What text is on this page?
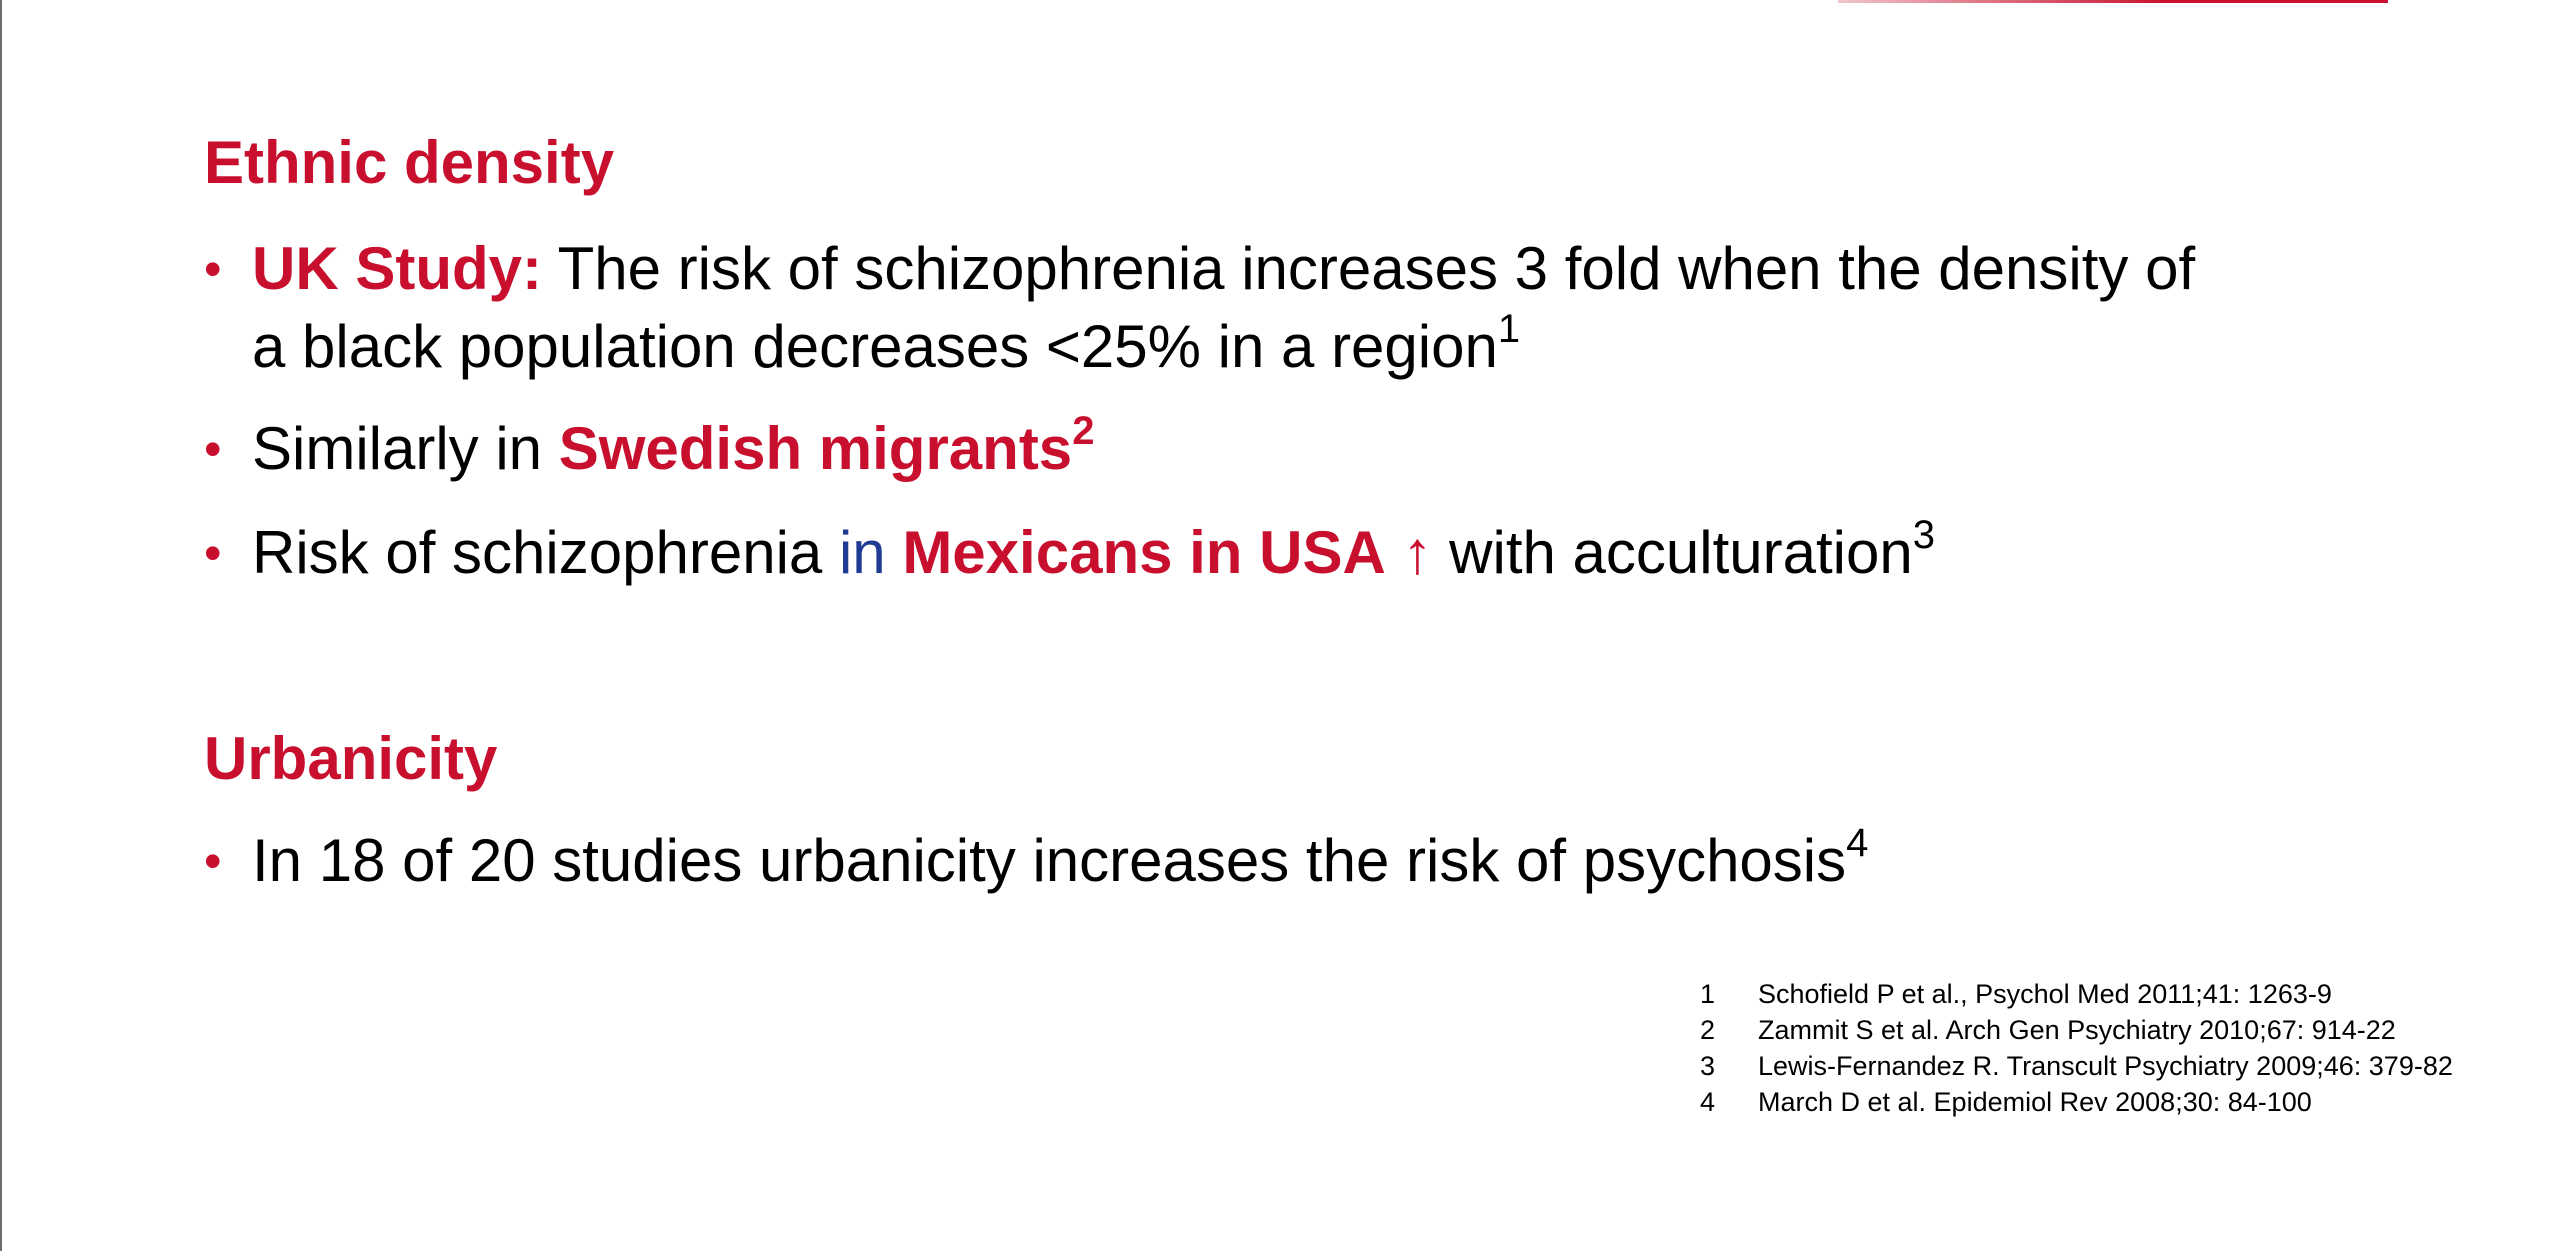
Ethnic density
• UK Study: The risk of schizophrenia increases 3 fold when the density of
a black population decreases <25% in a region$^1$
• Similarly in Swedish migrants$^2$
• Risk of schizophrenia in Mexicans in USA ↑ with acculturation$^3$
Urbanicity
• In 18 of 20 studies urbanicity increases the risk of psychosis$^4$
1 Schofield P et al., Psychol Med 2011;41: 1263-9
2 Zammit S et al. Arch Gen Psychiatry 2010;67: 914-22
3 Lewis-Fernandez R. Transcult Psychiatry 2009;46: 379-82
4 March D et al. Epidemiol Rev 2008;30: 84-100
